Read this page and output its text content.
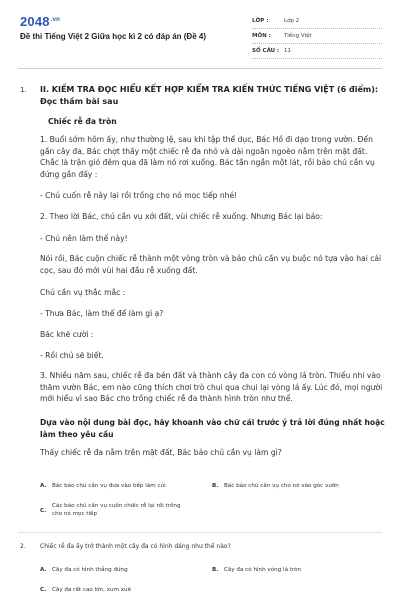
$2048^{.vn}$
Đề thi Tiếng Việt 2 Giữa học kì 2 có đáp án (Đề 4)
LỚP :	Lớp 2
MÔN :	Tiếng Việt
SỐ CÂU : 11
1. II. KIẾM TRA ĐỌC HIỂU KẾT HỢP KIỂM TRA KIẾN THỨC TIẾNG VIỆT (6 điểm): Đọc thầm bài sau
Chiếc rễ đa tròn
1. Buổi sớm hôm ấy, như thường lệ, sau khi tập thể dục, Bác Hồ đi dạo trong vườn. Đến gần cây đa, Bác chợt thấy một chiếc rễ đa nhỏ và dài ngoằn ngoèo nằm trên mặt đất. Chắc là trận gió đêm qua đã làm nó rơi xuống. Bác tần ngần một lát, rồi bảo chú cần vụ đứng gần đấy :
- Chú cuốn rễ này lại rồi trồng cho nó mọc tiếp nhé!
2. Theo lời Bác, chú cần vụ xới đất, vùi chiếc rễ xuống. Nhưng Bác lại bảo:
- Chú nên làm thế này!
Nói rồi, Bác cuộn chiếc rễ thành một vòng tròn và bảo chú cần vụ buộc nó tựa vào hai cái cọc, sau đó mới vùi hai đầu rễ xuống đất.
Chú cần vụ thắc mắc :
- Thưa Bác, làm thế để làm gì ạ?
Bác khẽ cười :
- Rồi chú sẽ biết.
3. Nhiều năm sau, chiếc rễ đa bén đất và thành cây đa con có vòng lá tròn. Thiếu nhi vào thăm vườn Bác, em nào cũng thích chơi trò chui qua chui lại vòng lá ấy. Lúc đó, mọi người mới hiểu vì sao Bác cho trồng chiếc rễ đa thành hình tròn như thế.
Dựa vào nội dung bài đọc, hãy khoanh vào chữ cái trước ý trả lời đúng nhất hoặc làm theo yêu cầu
Thấy chiếc rễ đa nằm trên mặt đất, Bác bảo chú cần vụ làm gì?
A. Bác bảo chú cần vụ đưa vào bếp làm củi	B. Bác bảo chú cần vụ cho nó vào góc vườn
C.
Các bảo chú cần vụ cuốn chiếc rễ lại rồi trồng cho nó mọc tiếp
2. Chiếc rễ đa ấy trở thành một cây đa có hình dáng như thế nào?
A. Cây đa có hình thẳng đứng	B. Cây đa có hình vòng lá tròn
C. Cây đa rất cao lớn, xum xuê
